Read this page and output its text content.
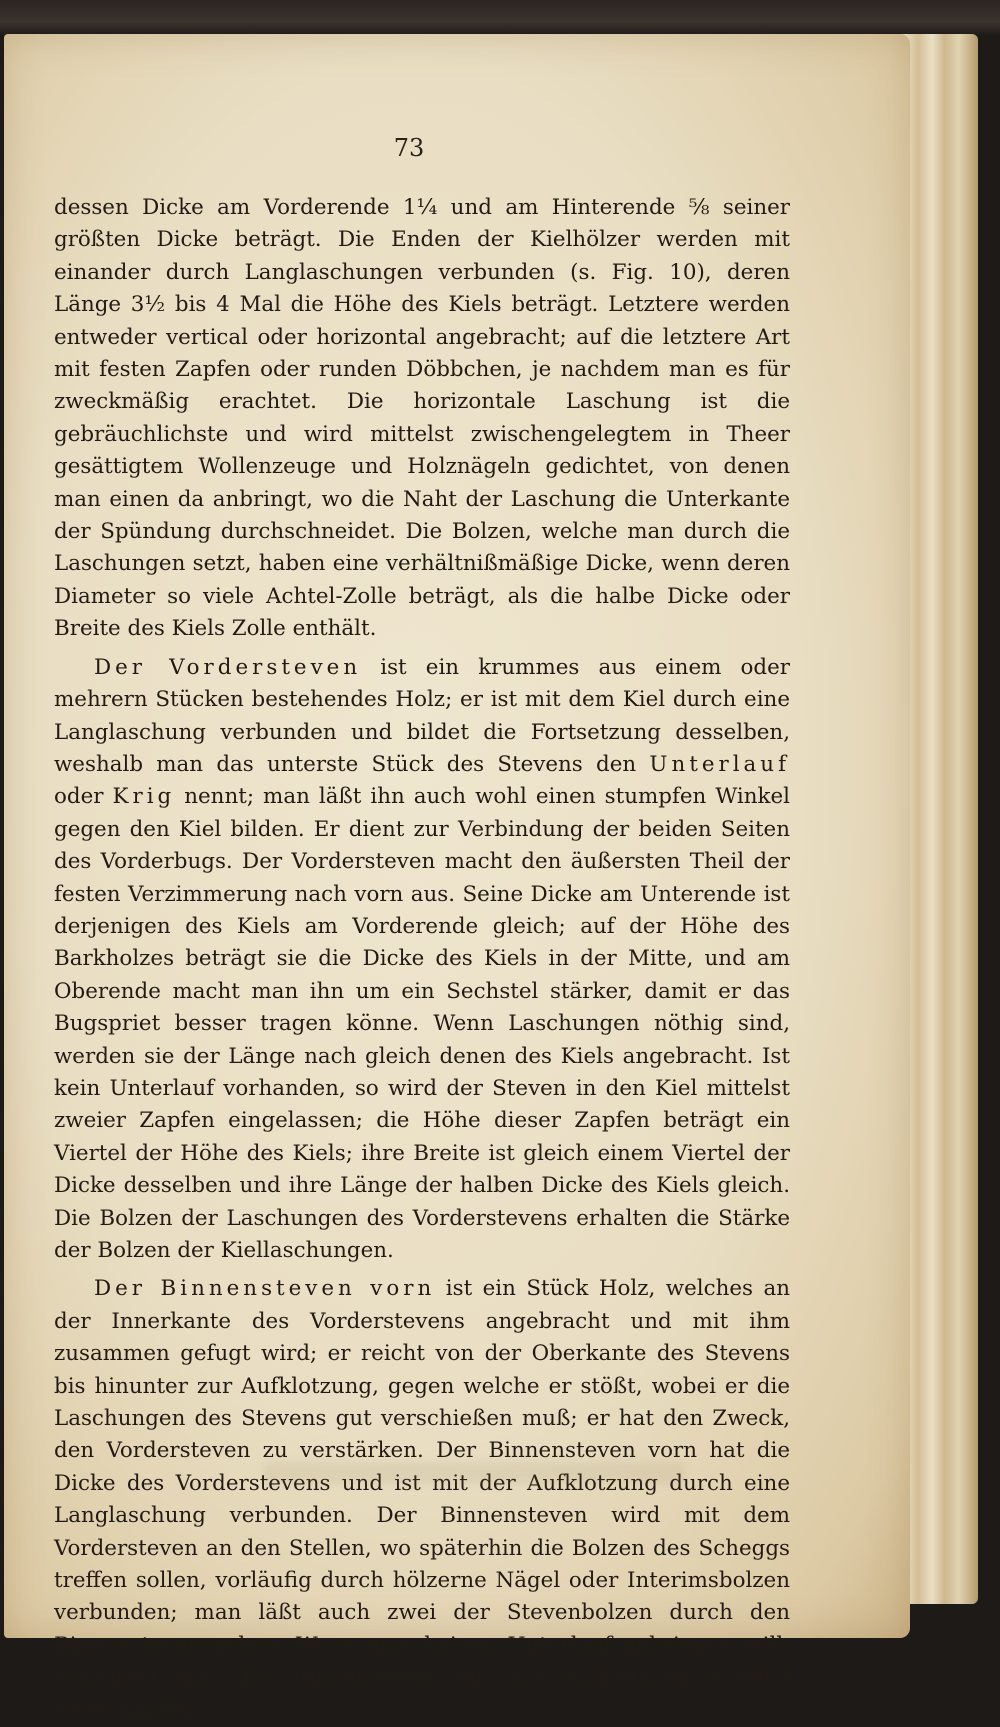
73

dessen Dicke am Vorderende 1¼ und am Hinterende ⅝ seiner größten Dicke beträgt. Die Enden der Kielhölzer werden mit einander durch Langlaschungen verbunden (s. Fig. 10), deren Länge 3½ bis 4 Mal die Höhe des Kiels beträgt. Letztere werden entweder vertical oder horizontal angebracht; auf die letztere Art mit festen Zapfen oder runden Döbbchen, je nachdem man es für zweckmäßig erachtet. Die horizontale Laschung ist die gebräuchlichste und wird mittelst zwischengelegtem in Theer gesättigtem Wollenzeuge und Holznägeln gedichtet, von denen man einen da anbringt, wo die Naht der Laschung die Unterkante der Spündung durchschneidet. Die Bolzen, welche man durch die Laschungen setzt, haben eine verhältnißmäßige Dicke, wenn deren Diameter so viele Achtel-Zolle beträgt, als die halbe Dicke oder Breite des Kiels Zolle enthält.

Der Vordersteven ist ein krummes aus einem oder mehrern Stücken bestehendes Holz; er ist mit dem Kiel durch eine Langlaschung verbunden und bildet die Fortsetzung desselben, weshalb man das unterste Stück des Stevens den Unterlauf oder Krig nennt; man läßt ihn auch wohl einen stumpfen Winkel gegen den Kiel bilden. Er dient zur Verbindung der beiden Seiten des Vorderbugs. Der Vordersteven macht den äußersten Theil der festen Verzimmerung nach vorn aus. Seine Dicke am Unterende ist derjenigen des Kiels am Vorderende gleich; auf der Höhe des Barkholzes beträgt sie die Dicke des Kiels in der Mitte, und am Oberende macht man ihn um ein Sechstel stärker, damit er das Bugspriet besser tragen könne. Wenn Laschungen nöthig sind, werden sie der Länge nach gleich denen des Kiels angebracht. Ist kein Unterlauf vorhanden, so wird der Steven in den Kiel mittelst zweier Zapfen eingelassen; die Höhe dieser Zapfen beträgt ein Viertel der Höhe des Kiels; ihre Breite ist gleich einem Viertel der Dicke desselben und ihre Länge der halben Dicke des Kiels gleich. Die Bolzen der Laschungen des Vorderstevens erhalten die Stärke der Bolzen der Kiellaschungen.

Der Binnensteven vorn ist ein Stück Holz, welches an der Innerkante des Vorderstevens angebracht und mit ihm zusammen gefugt wird; er reicht von der Oberkante des Stevens bis hinunter zur Aufklotzung, gegen welche er stößt, wobei er die Laschungen des Stevens gut verschießen muß; er hat den Zweck, den Vordersteven zu verstärken. Der Binnensteven vorn hat die Dicke des Vorderstevens und ist mit der Aufklotzung durch eine Langlaschung verbunden. Der Binnensteven wird mit dem Vordersteven an den Stellen, wo späterhin die Bolzen des Scheggs treffen sollen, vorläufig durch hölzerne Nägel oder Interimsbolzen verbunden; man läßt auch zwei der Stevenbolzen durch den Binnensteven gehen. Wenn man keinen Unterlauf anbringen will, verbindet man den Binnensteven mit der Aufklotzung mittelst eines Zapfens.
